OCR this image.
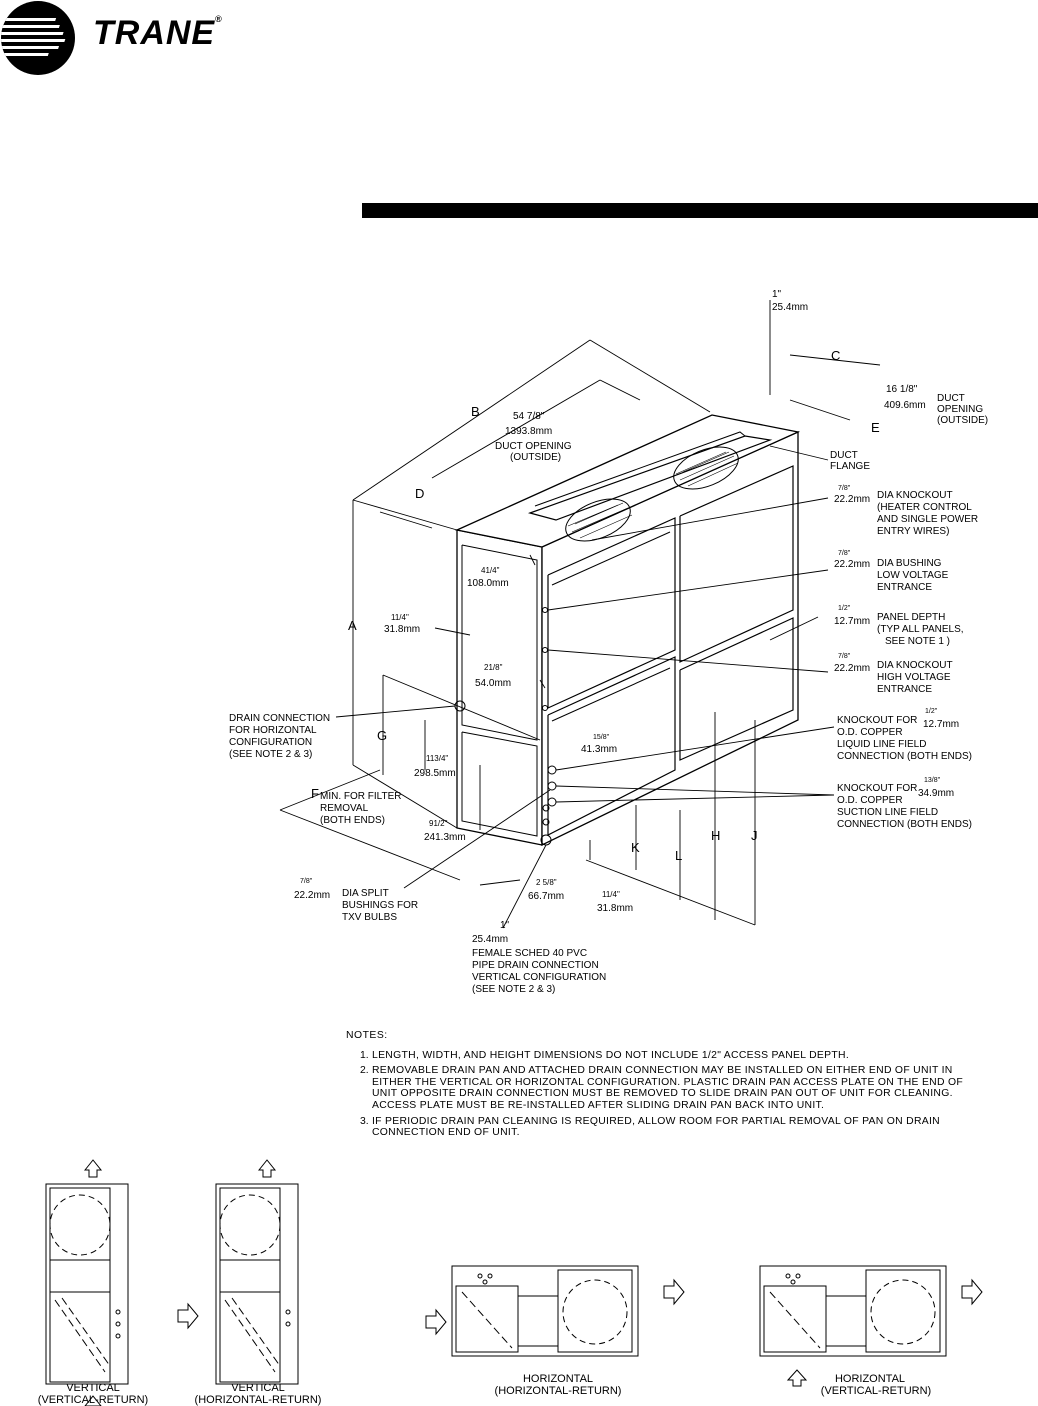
TRANE®
1"
25.4mm
16 1/8"
409.6mm
DUCT
OPENING
(OUTSIDE)
54 7/8"
1393.8mm
DUCT OPENING
(OUTSIDE)	DUCT
FLANGE
7/8"
22.2mm DIA KNOCKOUT
(HEATER CONTROL
AND SINGLE POWER
ENTRY WIRES)
7/8"
22.2mm DIA BUSHING
LOW VOLTAGE
ENTRANCE
1/2"
12.7mm PANEL DEPTH
(TYP ALL PANELS,
SEE NOTE 1 )
7/8"
22.2mm DIA KNOCKOUT
HIGH VOLTAGE
ENTRANCE
KNOCKOUT FOR
O.D. COPPER
LIQUID LINE FIELD
CONNECTION (BOTH ENDS)
1/2"
12.7mm
KNOCKOUT FOR
O.D. COPPER
SUCTION LINE FIELD
CONNECTION (BOTH ENDS)
13/8"
34.9mm
41/4"
108.0mm
11/4"
31.8mm
21/8"
54.0mm
15/8"
41.3mm
113/4"
298.5mm
91/2"
241.3mm
2 5/8"
66.7mm	11/4"
31.8mm
DRAIN CONNECTION
FOR HORIZONTAL
CONFIGURATION
(SEE NOTE 2 & 3)
MIN. FOR FILTER
REMOVAL
(BOTH ENDS)
7/8"
22.2mm DIA SPLIT
BUSHINGS FOR
TXV BULBS
1"
25.4mm
FEMALE SCHED 40 PVC
PIPE DRAIN CONNECTION
VERTICAL CONFIGURATION
(SEE NOTE 2 & 3)
A
B
C
D
E
F
G
H J
K
L
NOTES:
1. LENGTH, WIDTH, AND HEIGHT DIMENSIONS DO NOT INCLUDE 1/2" ACCESS PANEL DEPTH.
2. REMOVABLE DRAIN PAN AND ATTACHED DRAIN CONNECTION MAY BE INSTALLED ON EITHER END OF UNIT IN EITHER THE VERTICAL OR HORIZONTAL CONFIGURATION. PLASTIC DRAIN PAN ACCESS PLATE ON THE END OF UNIT OPPOSITE DRAIN CONNECTION MUST BE REMOVED TO SLIDE DRAIN PAN OUT OF UNIT FOR CLEANING. ACCESS PLATE MUST BE RE-INSTALLED AFTER SLIDING DRAIN PAN BACK INTO UNIT.
3. IF PERIODIC DRAIN PAN CLEANING IS REQUIRED, ALLOW ROOM FOR PARTIAL REMOVAL OF PAN ON DRAIN CONNECTION END OF UNIT.
VERTICAL
(VERTICAL-RETURN)
VERTICAL
(HORIZONTAL-RETURN)
HORIZONTAL
(HORIZONTAL-RETURN)
HORIZONTAL
(VERTICAL-RETURN)
